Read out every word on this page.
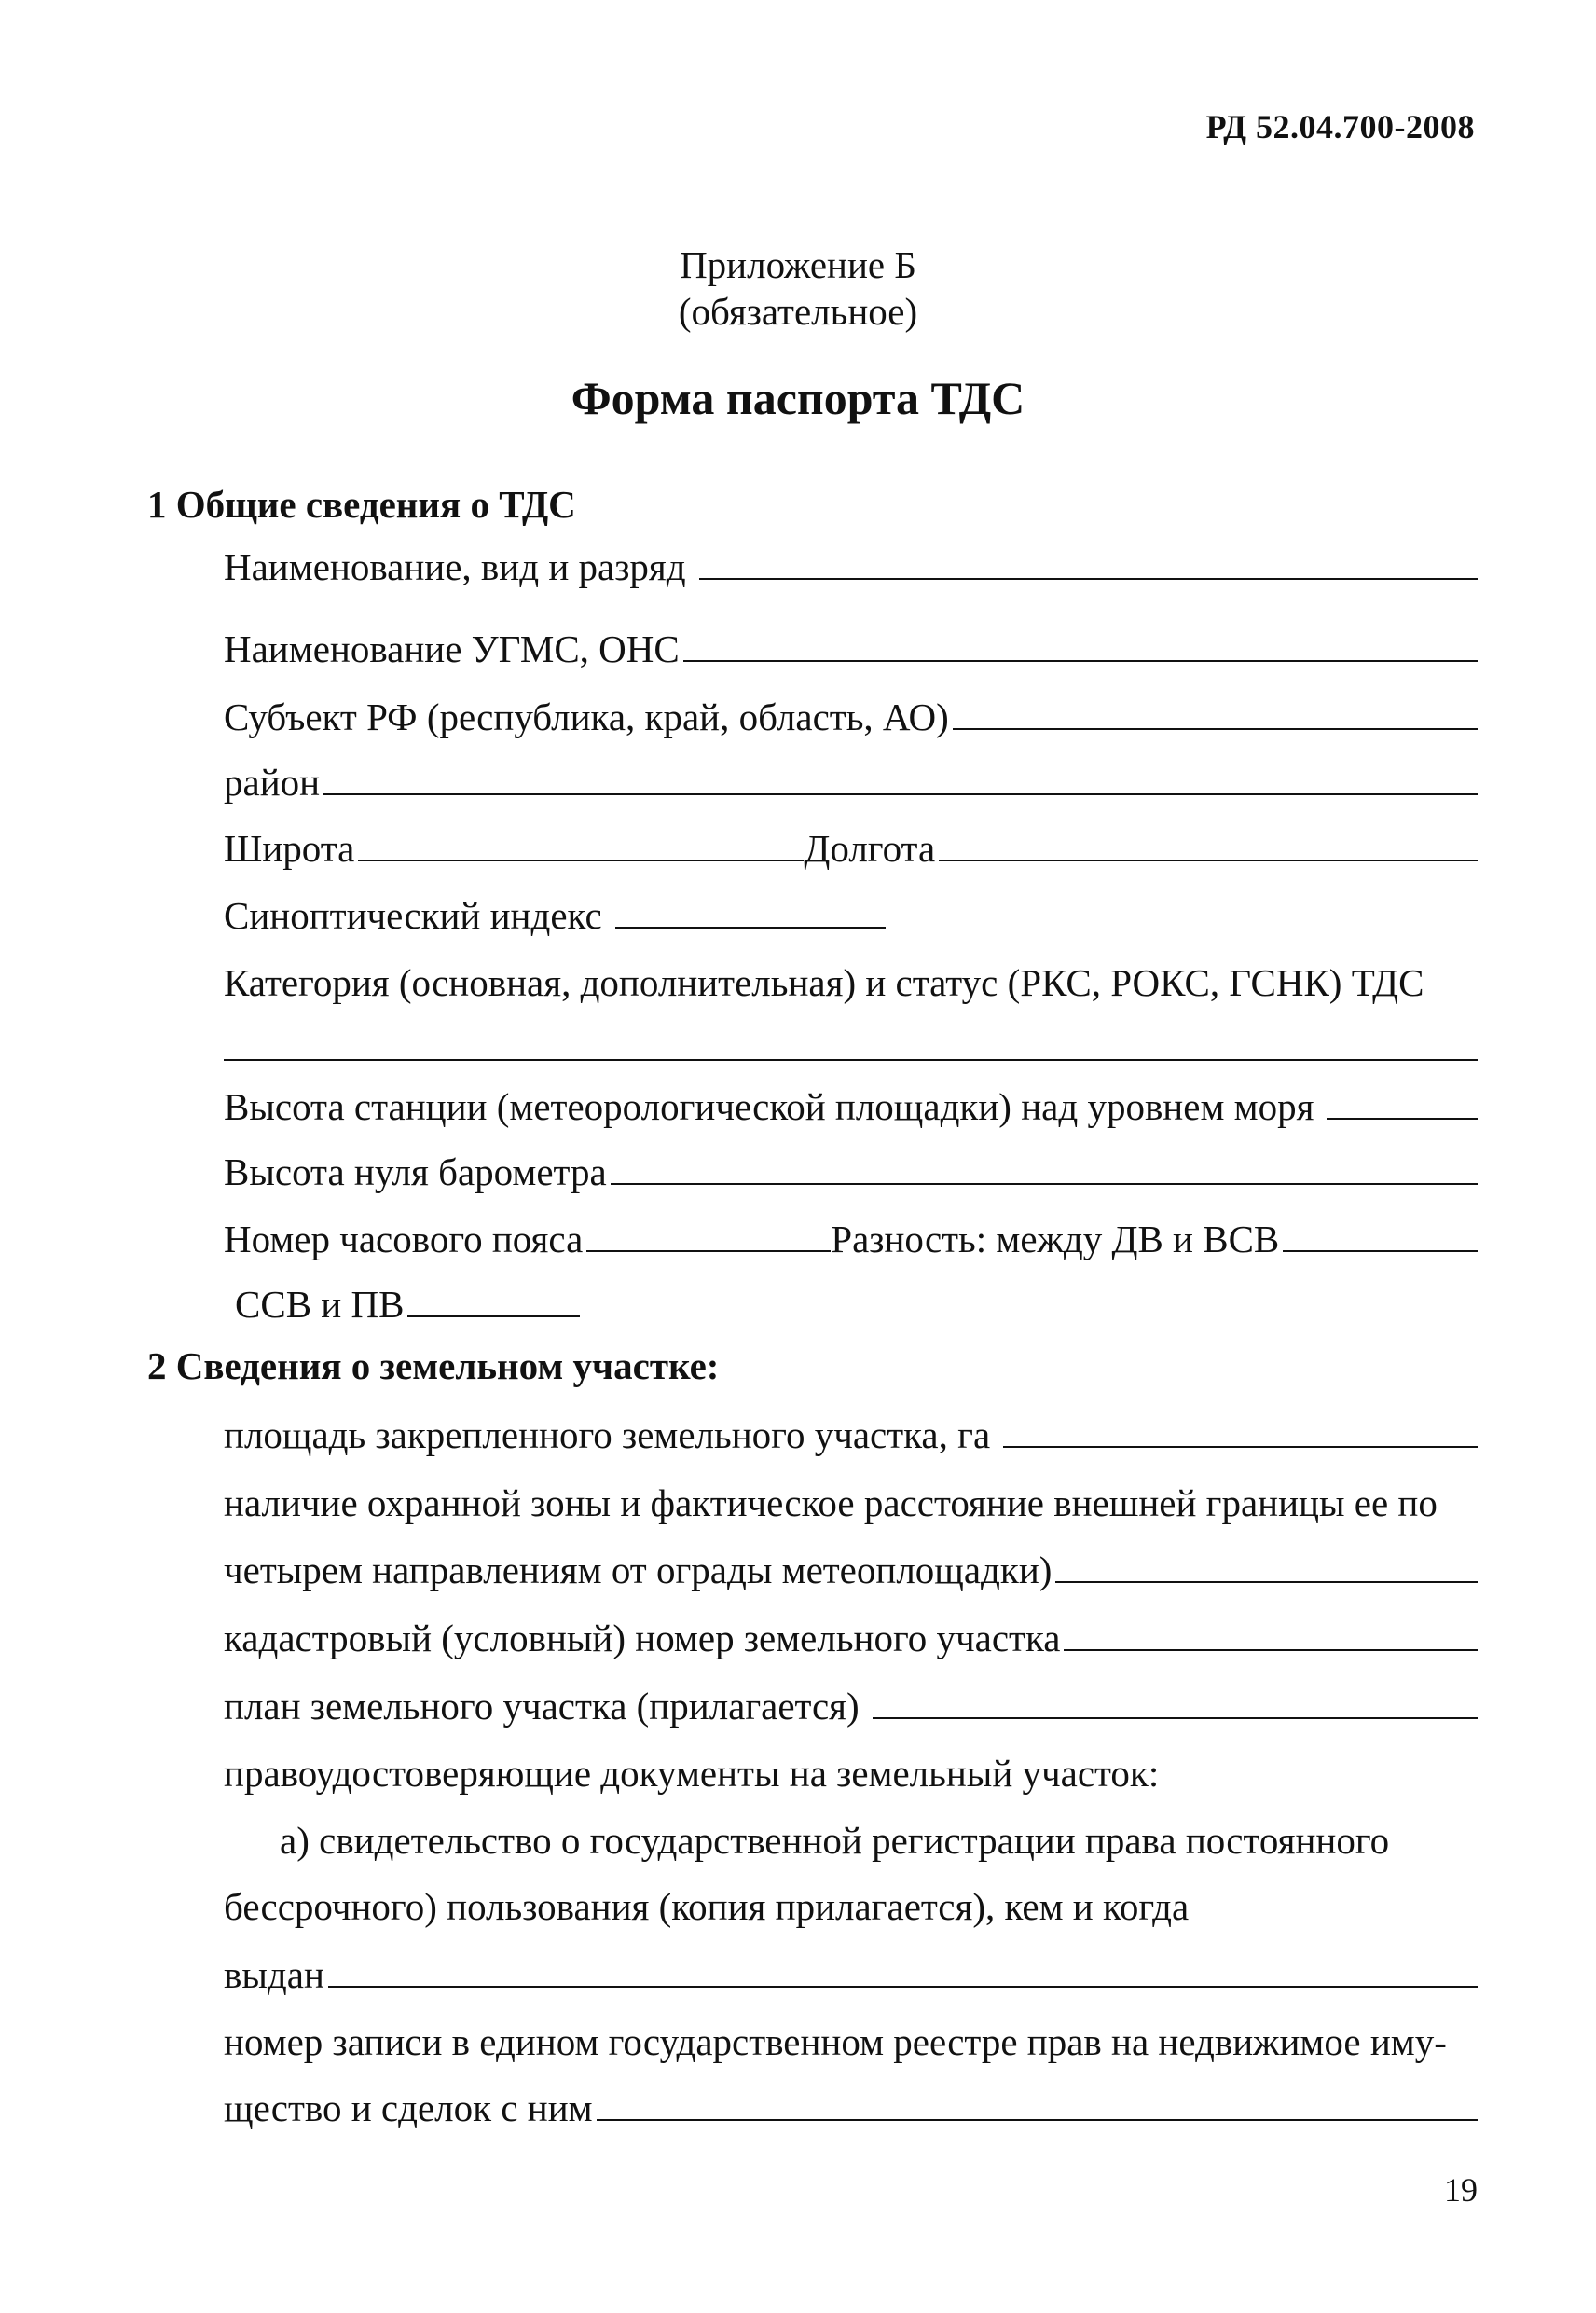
РД 52.04.700-2008
Приложение Б
(обязательное)
Форма паспорта ТДС
1 Общие сведения о ТДС
Наименование, вид и разряд
Наименование УГМС, ОНС
Субъект РФ (республика, край, область, АО)
район
Широта	Долгота
Синоптический индекс
Категория (основная, дополнительная) и статус (РКС, РОКС, ГСНК) ТДС
Высота станции (метеорологической площадки) над уровнем моря
Высота нуля барометра
Номер часового пояса	Разность: между ДВ и ВСВ
ССВ и ПВ
2 Сведения о земельном участке:
площадь закрепленного земельного участка, га
наличие охранной зоны и фактическое расстояние внешней границы ее по
четырем направлениям от ограды метеоплощадки)
кадастровый (условный) номер земельного участка
план земельного участка (прилагается)
правоудостоверяющие документы на земельный участок:
а) свидетельство о государственной регистрации права постоянного
бессрочного) пользования (копия прилагается), кем и когда
выдан
номер записи в едином государственном реестре прав на недвижимое иму-
щество и сделок с ним
19
